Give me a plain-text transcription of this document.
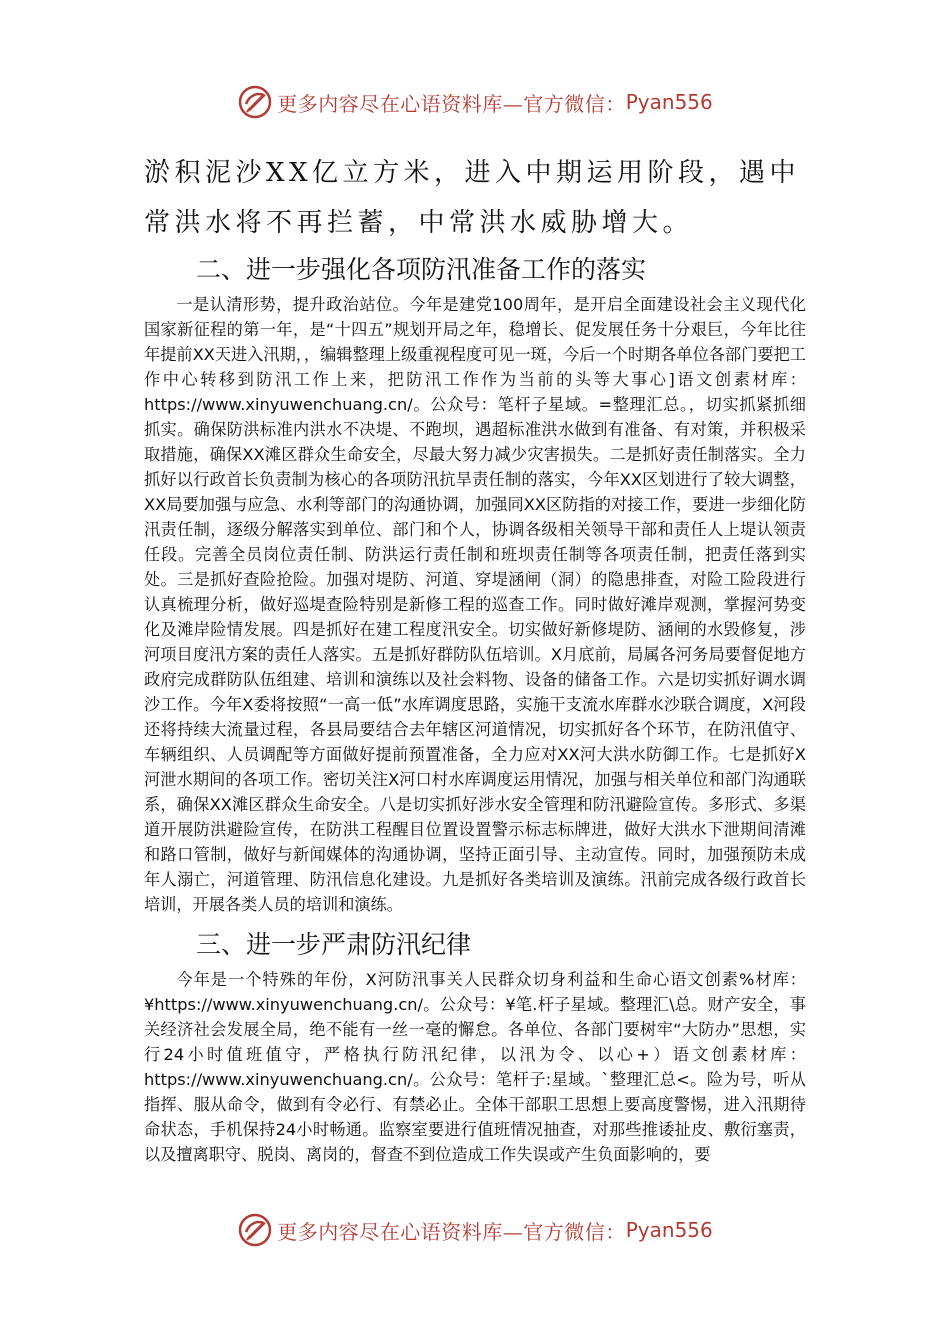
更多内容尽在心语资料库—官方微信： Pyan556

淤积泥沙XX亿立方米，进入中期运用阶段，遇中常洪水将不再拦蓄，中常洪水威胁增大。

二、进一步强化各项防汛准备工作的落实

一是认清形势，提升政治站位。今年是建党100周年，是开启全面建设社会主义现代化国家新征程的第一年，是“十四五”规划开局之年，稳增长、促发展任务十分艰巨，今年比往年提前XX天进入汛期，，编辑整理上级重视程度可见一斑，今后一个时期各单位各部门要把工作中心转移到防汛工作上来，把防汛工作作为当前的头等大事心]语文创素材库：https://www.xinyuwenchuang.cn/。公众号：笔杆子星域。=整理汇总。，切实抓紧抓细抓实。确保防洪标准内洪水不决堤、不跑坝，遇超标准洪水做到有准备、有对策，并积极采取措施，确保XX滩区群众生命安全，尽最大努力减少灾害损失。二是抓好责任制落实。全力抓好以行政首长负责制为核心的各项防汛抗旱责任制的落实，今年XX区划进行了较大调整，XX局要加强与应急、水利等部门的沟通协调，加强同XX区防指的对接工作，要进一步细化防汛责任制，逐级分解落实到单位、部门和个人，协调各级相关领导干部和责任人上堤认领责任段。完善全员岗位责任制、防洪运行责任制和班坝责任制等各项责任制，把责任落到实处。三是抓好查险抢险。加强对堤防、河道、穿堤涵闸（洞）的隐患排查，对险工险段进行认真梳理分析，做好巡堤查险特别是新修工程的巡查工作。同时做好滩岸观测，掌握河势变化及滩岸险情发展。四是抓好在建工程度汛安全。切实做好新修堤防、涵闸的水毁修复，涉河项目度汛方案的责任人落实。五是抓好群防队伍培训。X月底前，局属各河务局要督促地方政府完成群防队伍组建、培训和演练以及社会料物、设备的储备工作。六是切实抓好调水调沙工作。今年X委将按照“一高一低”水库调度思路，实施干支流水库群水沙联合调度，X河段还将持续大流量过程，各县局要结合去年辖区河道情况，切实抓好各个环节，在防汛值守、车辆组织、人员调配等方面做好提前预置准备，全力应对XX河大洪水防御工作。七是抓好X河泄水期间的各项工作。密切关注X河口村水库调度运用情况，加强与相关单位和部门沟通联系，确保XX滩区群众生命安全。八是切实抓好涉水安全管理和防汛避险宣传。多形式、多渠道开展防洪避险宣传，在防洪工程醒目位置设置警示标志标牌进，做好大洪水下泄期间清滩和路口管制，做好与新闻媒体的沟通协调，坚持正面引导、主动宣传。同时，加强预防未成年人溺亡，河道管理、防汛信息化建设。九是抓好各类培训及演练。汛前完成各级行政首长培训，开展各类人员的培训和演练。

三、进一步严肃防汛纪律

今年是一个特殊的年份，X河防汛事关人民群众切身利益和生命心语文创素%材库：¥https://www.xinyuwenchuang.cn/。公众号：¥笔.杆子星域。整理汇\总。财产安全，事关经济社会发展全局，绝不能有一丝一毫的懈怠。各单位、各部门要树牢“大防办”思想，实行24小时值班值守，严格执行防汛纪律，以汛为令、以心+）语文创素材库：https://www.xinyuwenchuang.cn/。公众号：笔杆子:星域。`整理汇总<。险为号，听从指挥、服从命令，做到有令必行、有禁必止。全体干部职工思想上要高度警惕，进入汛期待命状态，手机保持24小时畅通。监察室要进行值班情况抽查，对那些推诿扯皮、敷衍塞责，以及擅离职守、脱岗、离岗的，督查不到位造成工作失误或产生负面影响的，要

更多内容尽在心语资料库—官方微信： Pyan556
